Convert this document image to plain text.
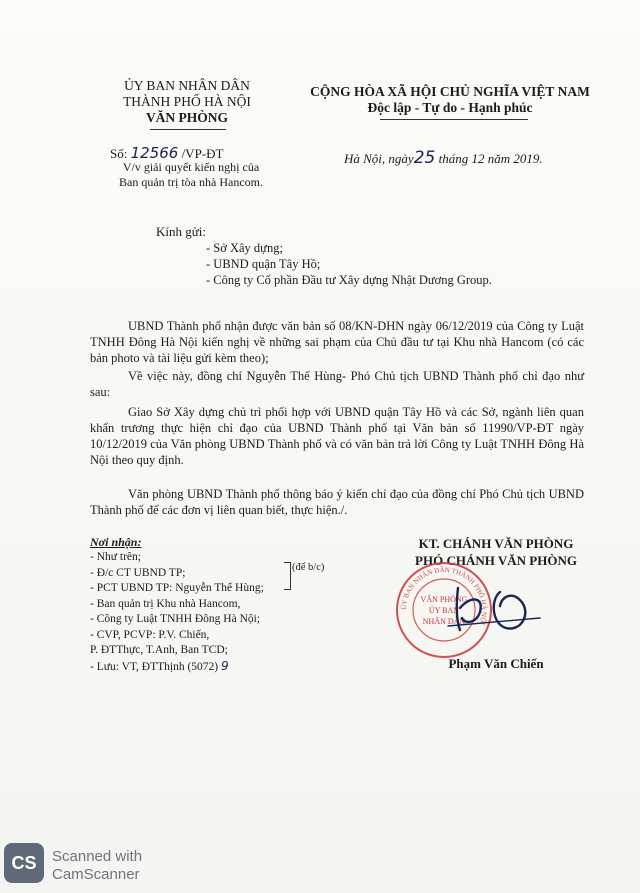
ỦY BAN NHÂN DÂN
THÀNH PHỐ HÀ NỘI
VĂN PHÒNG
CỘNG HÒA XÃ HỘI CHỦ NGHĨA VIỆT NAM
Độc lập - Tự do - Hạnh phúc
Số: 12566 /VP-ĐT
V/v giải quyết kiến nghị của
Ban quản trị tòa nhà Hancom.
Hà Nội, ngày25 tháng 12 năm 2019.
Kính gửi:
- Sở Xây dựng;
- UBND quận Tây Hồ;
- Công ty Cổ phần Đầu tư Xây dựng Nhật Dương Group.

UBND Thành phố nhận được văn bản số 08/KN-DHN ngày 06/12/2019 của Công ty Luật TNHH Đông Hà Nội kiến nghị về những sai phạm của Chủ đầu tư tại Khu nhà Hancom (có các bản photo và tài liệu gửi kèm theo);

Về việc này, đồng chí Nguyễn Thế Hùng- Phó Chủ tịch UBND Thành phố chỉ đạo như sau:

Giao Sở Xây dựng chủ trì phối hợp với UBND quận Tây Hồ và các Sở, ngành liên quan khẩn trương thực hiện chỉ đạo của UBND Thành phố tại Văn bản số 11990/VP-ĐT ngày 10/12/2019 của Văn phòng UBND Thành phố và có văn bản trả lời Công ty Luật TNHH Đông Hà Nội theo quy định.

Văn phòng UBND Thành phố thông báo ý kiến chỉ đạo của đồng chí Phó Chủ tịch UBND Thành phố để các đơn vị liên quan biết, thực hiện./.

Nơi nhận:
- Như trên;
- Đ/c CT UBND TP;
- PCT UBND TP: Nguyễn Thế Hùng;
- Ban quản trị Khu nhà Hancom,
- Công ty Luật TNHH Đông Hà Nội;
- CVP, PCVP: P.V. Chiến,
P. ĐTThực, T.Anh, Ban TCD;
- Lưu: VT, ĐTThịnh (5072) 9
(để b/c)
KT. CHÁNH VĂN PHÒNG
PHÓ CHÁNH VĂN PHÒNG
ỦY BAN NHÂN DÂN THÀNH PHỐ HÀ NỘI
VĂN PHÒNG
ỦY BAN
NHÂN DÂN
Phạm Văn Chiến
CS	Scanned with
CamScanner
